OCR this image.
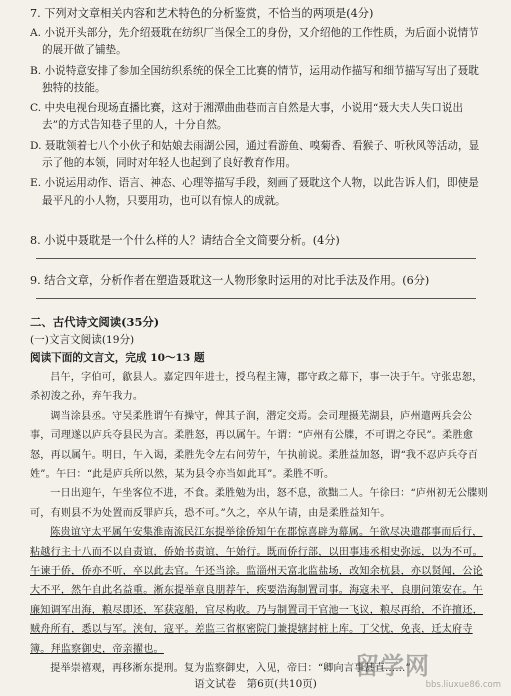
7. 下列对文章相关内容和艺术特色的分析鉴赏，不恰当的两项是(4分)
A. 小说开头部分，先介绍聂耽在纺织厂当保全工的身份，又介绍他的工作性质，为后面小说情节的展开做了铺垫。
B. 小说特意安排了参加全国纺织系统的保全工比赛的情节，运用动作描写和细节描写写出了聂耽独特的技能。
C. 中央电视台现场直播比赛，这对于湘潭曲曲巷而言自然是大事，小说用“聂大夫人失口说出去”的方式告知巷子里的人，十分自然。
D. 聂耽领着七八个小伙子和姑娘去雨湖公园，通过看游鱼、嗅菊香、看猴子、听秋风等活动，显示了他的本领，同时对年轻人也起到了良好教育作用。
E. 小说运用动作、语言、神态、心理等描写手段，刻画了聂耽这个人物，以此告诉人们，即使是最平凡的小人物，只要用功，也可以有惊人的成就。
8. 小说中聂耽是一个什么样的人？请结合全文简要分析。(4分)
9. 结合文章，分析作者在塑造聂耽这一人物形象时运用的对比手法及作用。(6分)
二、古代诗文阅读(35分)
(一)文言文阅读(19分)
阅读下面的文言文，完成 10～13 题

吕午，字伯可，歙县人。嘉定四年进士，授乌程主簿，郡守政之幕下，事一决于午。守张忠恕，杀初浚之孙，弃午我力。

调当涂县丞。守吴柔胜谓午有操守，俾其子润，潜定交焉。会司理摄芜湖县，庐州遣两兵会公事，司理遂以庐兵夺县民为言。柔胜怒，再以属午。午谓：“庐州有公牒，不可谓之夺民”。柔胜愈怒，再以属午。明日，午入谒，柔胜先令左右问劳午，午执前说。柔胜益加怒，谓“我不忍庐兵夺百姓”。午曰：“此是庐兵所以然，某为县令亦当如此耳”。柔胜不听。

一日出迎午，午坐客位不进，不食。柔胜勉为出，怒不息，欲黜二人。午徐曰：“庐州初无公牒则可，有则县不为处置而反罪庐兵，恐不可。”久之，卒从午请，由是柔胜益知午。

陈贵谊守太平属午安集淮南流民江东提举徐侨知午在郡惊喜辟为幕属。午欲尽决遣郡事而后行，粘越行主十八而不以自责谊，侨始书责谊，午始行。既而侨行部，以田事违丞相史弥远，以为不可。午谏于侨，侨亦不听，卒以此去官。午还当涂。监淄州天富北监盐场，改知余杭县，亦以贤闻，公论大不平，然午自此名益重。淅东提举章良朋荐午，疾要浩海制置司事。海寇未平，良朋问策安在。午廉知调军出海，粮尽即还，军获寇船，官尽构收。乃与制置司干官池一飞议，粮尽再给，不许擅还，贼舟所有，悉以与军。浃旬，寇平。差监三省枢密院门兼提辖封桩上库。丁父忧，免丧，迁太府寺簿。拜监察御史，帝亲擢也。

提举崇禧观，再移淅东提刑。复为监察御史，入见，帝曰：“卿向言事甚直……”

语文试卷　第6页(共10页)
留学网
bbs.liuxue86.com
